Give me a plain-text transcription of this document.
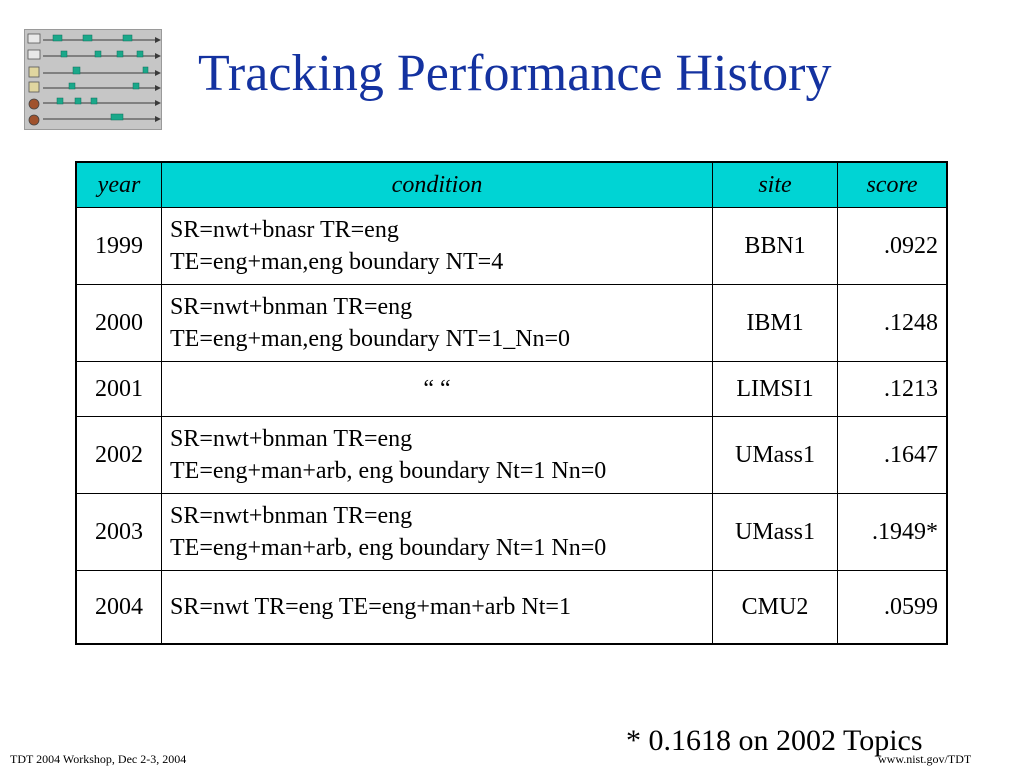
Tracking Performance History
year	condition	site	score
1999	SR=nwt+bnasr TR=eng
TE=eng+man,eng boundary NT=4	BBN1	.0922
2000	SR=nwt+bnman TR=eng
TE=eng+man,eng boundary NT=1_Nn=0	IBM1	.1248
2001	“ “	LIMSI1	.1213
2002	SR=nwt+bnman TR=eng
TE=eng+man+arb, eng boundary Nt=1 Nn=0	UMass1	.1647
2003	SR=nwt+bnman TR=eng
TE=eng+man+arb, eng boundary Nt=1 Nn=0	UMass1	.1949*
2004	SR=nwt TR=eng TE=eng+man+arb Nt=1	CMU2	.0599
* 0.1618 on 2002 Topics
TDT 2004 Workshop, Dec 2-3, 2004	www.nist.gov/TDT
